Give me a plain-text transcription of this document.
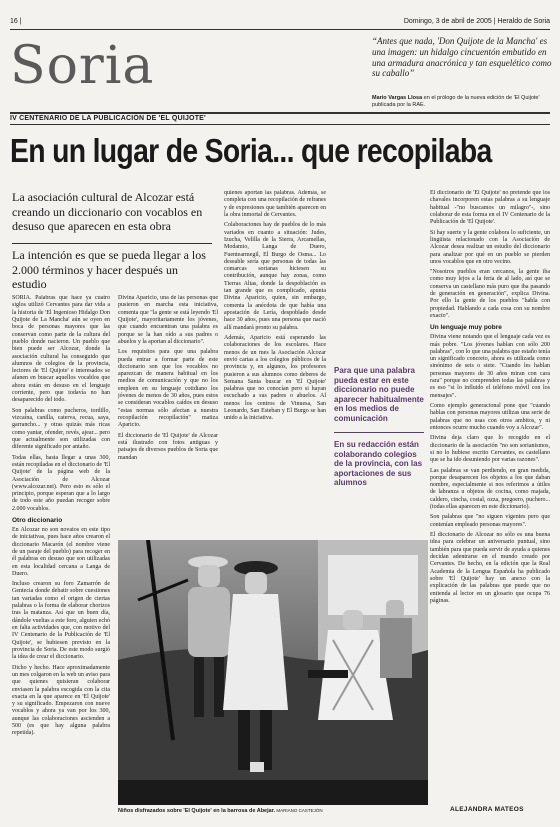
16 |	Domingo, 3 de abril de 2005 | Heraldo de Soria
Soria	“Antes que nada, 'Don Quijote de la Mancha' es una imagen: un hidalgo cincuentón embutido en una armadura anacrónica y tan esquelético como su caballo”
Mario Vargas Llosa en el prólogo de la nueva edición de 'El Quijote' publicada por la RAE.
IV CENTENARIO DE LA PUBLICACIÓN DE 'EL QUIJOTE'
En un lugar de Soria... que recopilaba
La asociación cultural de Alcozar está creando un diccionario con vocablos en desuso que aparecen en esta obra
La intención es que se pueda llegar a los 2.000 términos y hacer después un estudio

SORIA. Palabras que hace ya cuatro siglos utilizó Cervantes para dar vida a la historia de 'El Ingenioso Hidalgo Don Quijote de La Mancha' aún se oyen en boca de personas mayores que las conservan como parte de la cultura del pueblo donde nacieron. Un pueblo que bien puede ser Alcozar, donde la asociación cultural ha conseguido que alumnos de colegios de la provincia, lectores de 'El Quijote' e interesados se afanen en buscar aquellos vocablos que ahora están en desuso en el lenguaje corriente, pero que todavía no han desaparecido del todo.

Son palabras como pucheros, tordillo, vizcaína, canilla, caterva, recua, saya, garrancho... y otras quizás más ricas como yantar, ofender, revés, ajear... pero que actualmente son utilizadas con diferente significado por antaño.

Todas ellas, hasta llegar a unas 300, están recopiladas en el diccionario de 'El Quijote' de la página web de la Asociación de Alcozar (www.alcozar.net). Pero esto es sólo el principio, porque esperan que a lo largo de todo este año puedan recoger sobre 2.000 vocablos.

Otro diccionario

En Alcozar no son novatos en este tipo de iniciativas, pues hace años crearon el diccionario Macarón (el nombre viene de un paraje del pueblo) para recoger en él palabras en desuso que son utilizadas en esta localidad cercana a Langa de Duero.

Incluso crearon su foro Zamarrón de Gentecia donde debatir sobre cuestiones tan variadas como el origen de ciertas palabras o la forma de elaborar chorizos tras la matanza. Así que un buen día, dándole vueltas a este foro, alguien echó en falta actividades que, con motivo del IV Centenario de la Publicación de 'El Quijote', se hubiesen previsto en la provincia de Soria. De este modo surgió la idea de crear el diccionario.

Dicho y hecho. Hace aproximadamente un mes colgaron en la web un aviso para que quienes quisieran colaborar enviasen la palabra escogida con la cita exacta en la que aparece en 'El Quijote' y su significado. Empezaron con nueve vocablos y ahora ya van por los 300, aunque las colaboraciones ascienden a 500 (es que hay alguna palabra repetida).

Divina Aparicio, una de las personas que pusieron en marcha esta iniciativa, comenta que "la gente se está leyendo 'El Quijote', mayoritariamente los jóvenes, que cuando encuentran una palabra es porque se la han oído a sus padres o abuelos y la aportan al diccionario".

Los requisitos para que una palabra pueda entrar a formar parte de este diccionario son que los vocablos no aparezcan de manera habitual en los medios de comunicación y que no los empleen en su lenguaje cotidiano los jóvenes de menos de 30 años, pues estos se consideran vocablos caídos en desuso "estas normas sólo afectan a nuestra recopilación recopilación" matiza Aparicio.

El diccionario de 'El Quijote' de Alcozar está ilustrado con fotos antiguas y paisajes de diversos pueblos de Soria que mandan

quienes aportan las palabras. Además, se completa con una recopilación de refranes y de expresiones que también aparecen en la obra inmortal de Cervantes.

Colaboraciones hay de pueblos de lo más variados en cuanto a situación: Judes, Izucha, Velilla de la Sierra, Arcamellas, Modamio, Langa de Duero, Fuentearmegil, El Burgo de Osma... Lo deseable sería que personas de todas las comarcas sorianas hiciesen su contribución, aunque hay zonas, como Tierras Altas, donde la despoblación es tan grande que es complicado, apunta Divina Aparicio, quien, sin embargo, comenta la anécdota de que había una apostación de Lería, despoblado desde hace 30 años, pues una persona que nació allí mandará pronto su palabra.

Además, Aparicio está esperando las colaboraciones de los escolares. Hace menos de un mes la Asociación Alcozar envió cartas a los colegios públicos de la provincia y, en algunos, los profesores pusieron a sus alumnos como deberes de Semana Santa buscar en 'El Quijote' palabras que no conocían pero si hayan escuchado a sus padres o abuelos. Al menos los centros de Vinuesa, San Leonardo, San Esteban y El Burgo se han unido a la iniciativa.

Para que una palabra pueda estar en este diccionario no puede aparecer habitualmente en los medios de comunicación
En su redacción están colaborando colegios de la provincia, con las aportaciones de sus alumnos

El diccionario de 'El Quijote' no pretende que los chavales incorporen estas palabras a su lenguaje habitual -"no buscamos un milagro"-, sino colaborar de esta forma en el IV Centenario de la Publicación de 'El Quijote'.

Si hay suerte y la gente colabora lo suficiente, un lingüista relacionado con la Asociación de Alcozar desea realizar un estudio del diccionario para analizar por qué en un pueblo se pierden unos vocablos que en otro vecino.

"Nosotros pueblos eran cercanos, la gente iba como muy lejos a la feria de al lado, así que se conserva un castellano más puro que iba pasando de generación en generación", explica Divina. Por ello la gente de los pueblos "habla con propiedad. Hablando a cada cosa con su nombre exacto".

Un lenguaje muy pobre

Divina viene notando que el lenguaje cada vez es más pobre. "Los jóvenes hablan con sólo 200 palabras", con lo que una palabra que estaño tenía un significado concreto, ahora es utilizada como sinónimo de seis o siete. "Cuando les hablan personas mayores de 30 años miran con cara rara" porque no comprenden todas las palabras y es eso "si lo influido el teléfono móvil con los mensajes".

Como ejemplo generacional pone que "cuando hablas con personas mayores utilizas una serie de palabras que no usas con otros ambitos, y ni entonces ocurre mucho cuando voy a Alcozar".

Divina deja claro que lo recogido en el diccionario de la asociación "no son sorianismos, si no lo hubiese escrito Cervantes, es castellano que se ha ido desuniendo por varias razones".

Las palabras se van perdiendo, en gran medida, porque desaparecen los objetos a los que daban nombre, especialmente si nos referimos a útiles de labranza u objetos de cocina, como majada, caldero, cincha, costal, ozza, pregoero, puchero... (todas ellas aparecen en este diccionario).

Son palabras que "no siguen vigentes pero que contenían empleado personas mayores".

El diccionario de Alcozar no sólo es una buena idea para celebrar un aniversario puntual, sino también para que pueda servir de ayuda a quienes decidan adentrarse en el mundo creado por Cervantes. De hecho, en la edición que la Real Academia de la Lengua Española ha publicado sobre 'El Quijote' hay un anexo con la explicación de las palabras que puede que no entienda al lector en un glosario que ocupa 76 páginas.

Niños disfrazados sobre 'El Quijote' en la barrosa de Abejar. MARIANO CASTEJÓN	ALEJANDRA MATEOS
